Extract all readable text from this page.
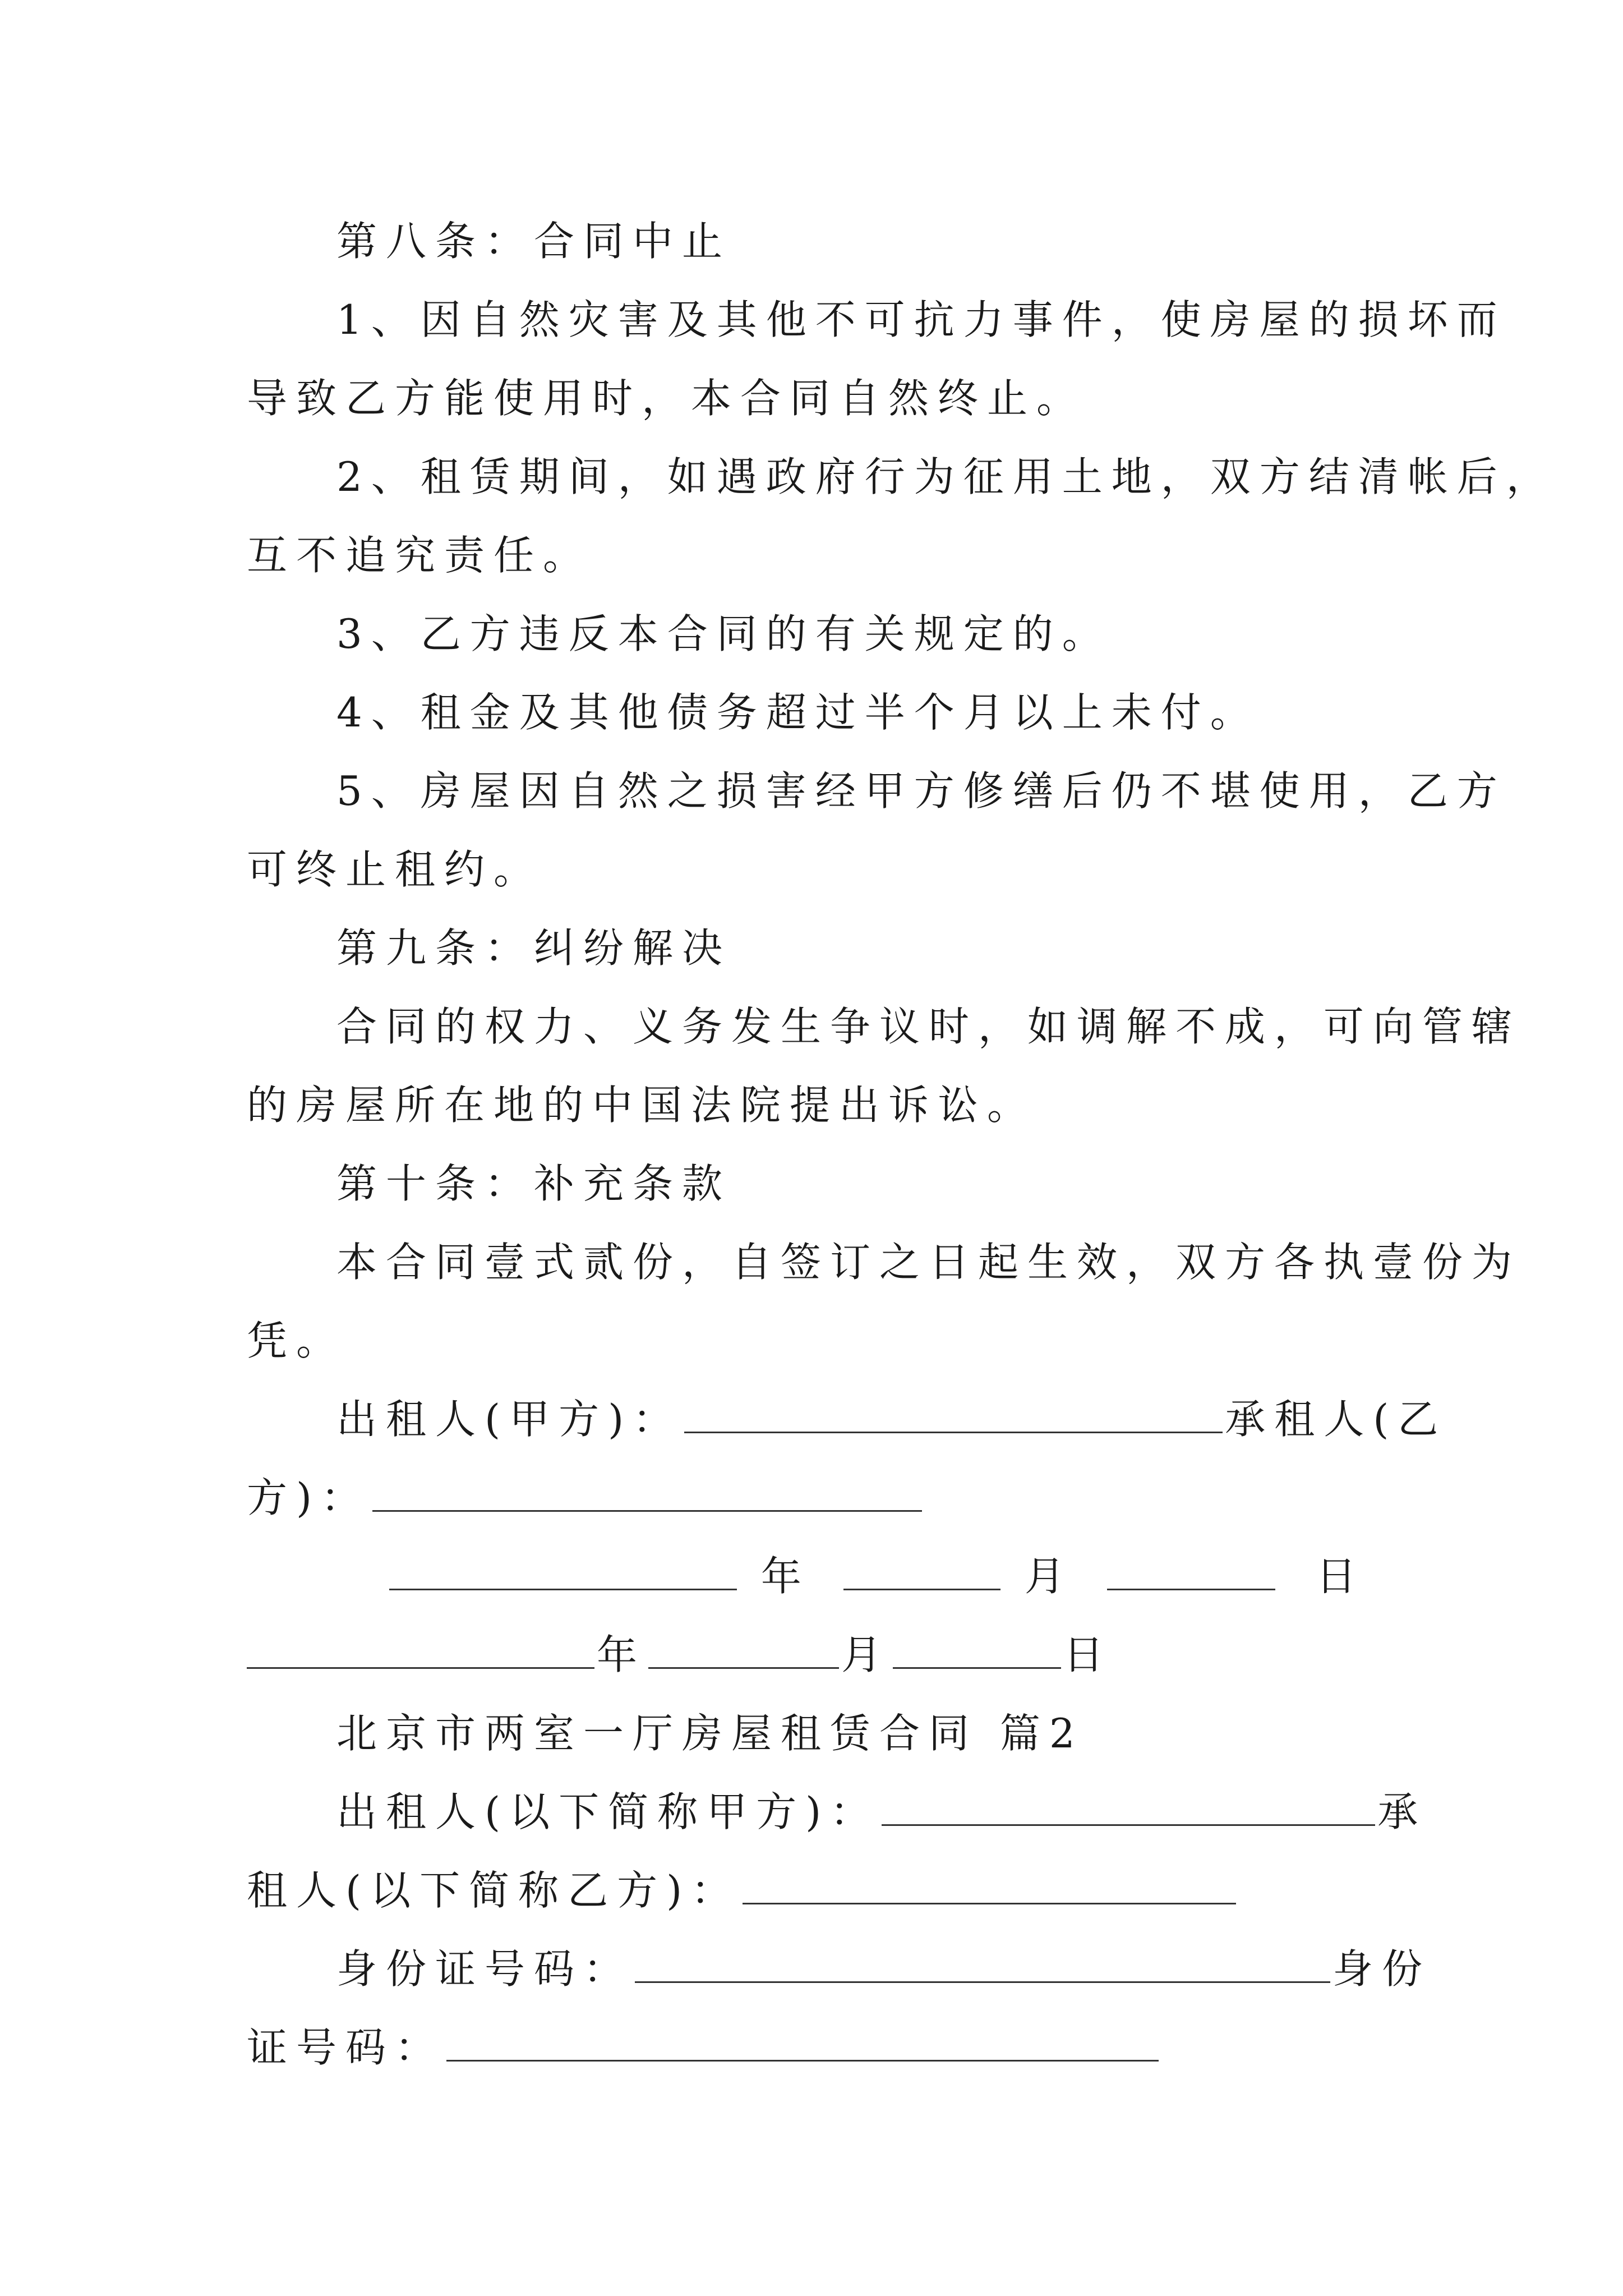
第八条：合同中止
1、因自然灾害及其他不可抗力事件，使房屋的损坏而
导致乙方能使用时，本合同自然终止。
2、租赁期间，如遇政府行为征用土地，双方结清帐后，
互不追究责任。
3、乙方违反本合同的有关规定的。
4、租金及其他债务超过半个月以上未付。
5、房屋因自然之损害经甲方修缮后仍不堪使用，乙方
可终止租约。
第九条：纠纷解决
合同的权力、义务发生争议时，如调解不成，可向管辖
的房屋所在地的中国法院提出诉讼。
第十条：补充条款
本合同壹式贰份，自签订之日起生效，双方各执壹份为
凭。
出租人(甲方)：	承租人(乙
方)：
年	月	日
年	月	日
北京市两室一厅房屋租赁合同 篇2
出租人(以下简称甲方)：	承
租人(以下简称乙方)：
身份证号码：	身份
证号码：
